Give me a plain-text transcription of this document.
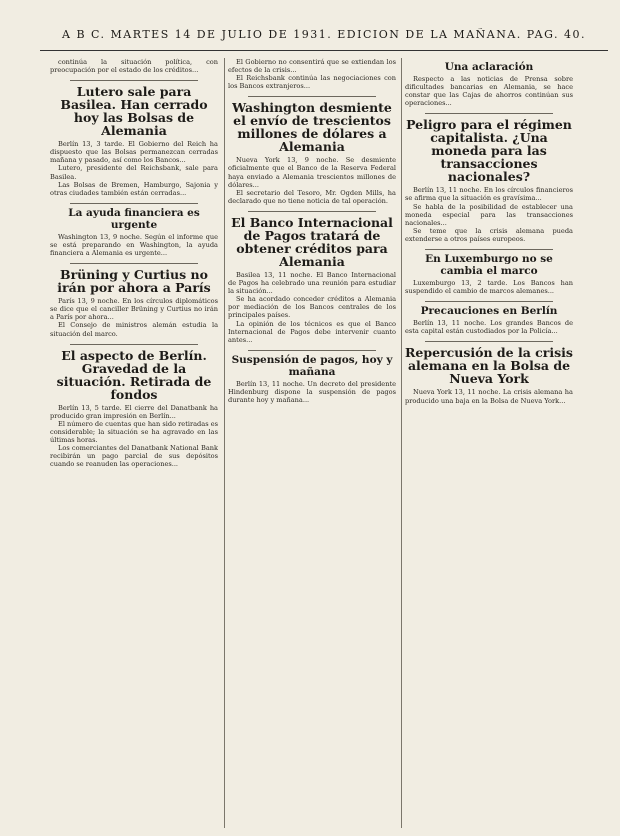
A B C. MARTES 14 DE JULIO DE 1931. EDICION DE LA MAÑANA. PAG. 40.

continúa la situación política, con preocupación por el estado de los créditos...

Lutero sale para Basilea. Han cerrado hoy las Bolsas de Alemania

Berlín 13, 3 tarde. El Gobierno del Reich ha dispuesto que las Bolsas permanezcan cerradas mañana y pasado, así como los Bancos...

Lutero, presidente del Reichsbank, sale para Basilea.

Las Bolsas de Bremen, Hamburgo, Sajonia y otras ciudades también están cerradas...

La ayuda financiera es urgente

Washington 13, 9 noche. Según el informe que se está preparando en Washington, la ayuda financiera a Alemania es urgente...

Brüning y Curtius no irán por ahora a París

París 13, 9 noche. En los círculos diplomáticos se dice que el canciller Brüning y Curtius no irán a París por ahora...

El Consejo de ministros alemán estudia la situación del marco.

El aspecto de Berlín. Gravedad de la situación. Retirada de fondos

Berlín 13, 5 tarde. El cierre del Danatbank ha producido gran impresión en Berlín...

El número de cuentas que han sido retiradas es considerable; la situación se ha agravado en las últimas horas.

Los comerciantes del Danatbank National Bank recibirán un pago parcial de sus depósitos cuando se reanuden las operaciones...

El Gobierno no consentirá que se extiendan los efectos de la crisis...

El Reichsbank continúa las negociaciones con los Bancos extranjeros...

Washington desmiente el envío de trescientos millones de dólares a Alemania

Nueva York 13, 9 noche. Se desmiente oficialmente que el Banco de la Reserva Federal haya enviado a Alemania trescientos millones de dólares...

El secretario del Tesoro, Mr. Ogden Mills, ha declarado que no tiene noticia de tal operación.

El Banco Internacional de Pagos tratará de obtener créditos para Alemania

Basilea 13, 11 noche. El Banco Internacional de Pagos ha celebrado una reunión para estudiar la situación...

Se ha acordado conceder créditos a Alemania por mediación de los Bancos centrales de los principales países.

La opinión de los técnicos es que el Banco Internacional de Pagos debe intervenir cuanto antes...

Suspensión de pagos, hoy y mañana

Berlín 13, 11 noche. Un decreto del presidente Hindenburg dispone la suspensión de pagos durante hoy y mañana...

Una aclaración

Respecto a las noticias de Prensa sobre dificultades bancarias en Alemania, se hace constar que las Cajas de ahorros continúan sus operaciones...

Peligro para el régimen capitalista. ¿Una moneda para las transacciones nacionales?

Berlín 13, 11 noche. En los círculos financieros se afirma que la situación es gravísima...

Se habla de la posibilidad de establecer una moneda especial para las transacciones nacionales...

Se teme que la crisis alemana pueda extenderse a otros países europeos.

En Luxemburgo no se cambia el marco

Luxemburgo 13, 2 tarde. Los Bancos han suspendido el cambio de marcos alemanes...

Precauciones en Berlín

Berlín 13, 11 noche. Los grandes Bancos de esta capital están custodiados por la Policía...

Repercusión de la crisis alemana en la Bolsa de Nueva York

Nueva York 13, 11 noche. La crisis alemana ha producido una baja en la Bolsa de Nueva York...
